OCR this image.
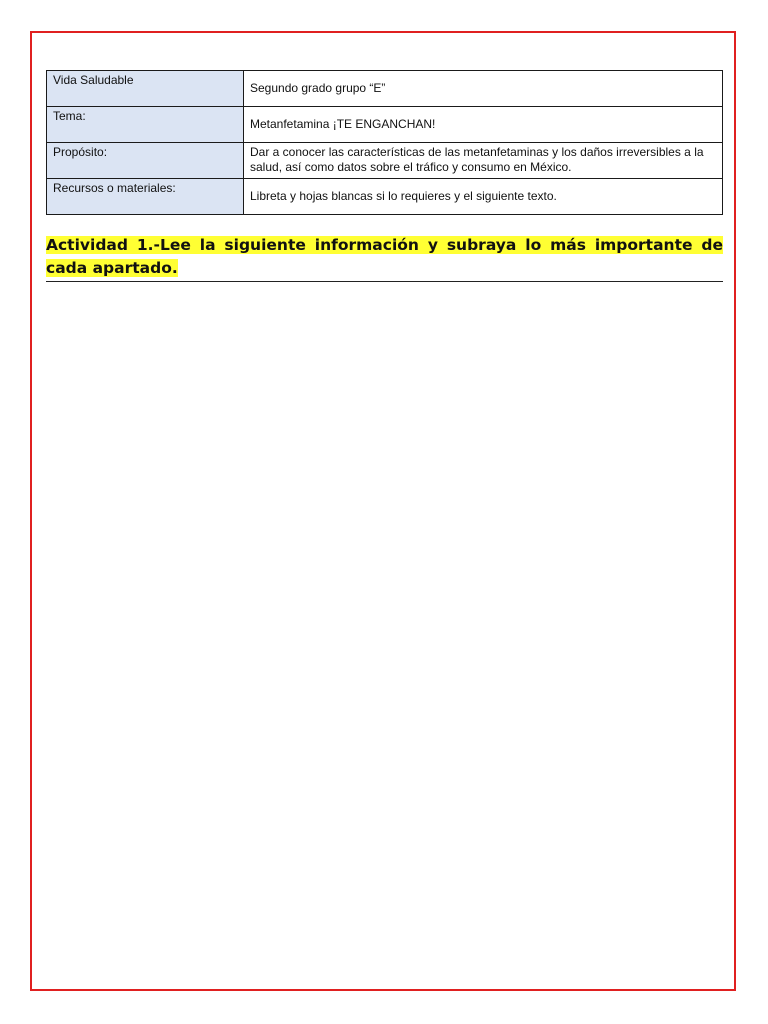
Vida Saludable	Segundo grado grupo “E”
Tema:	Metanfetamina ¡TE ENGANCHAN!
Propósito:	Dar a conocer las características de las metanfetaminas y los daños irreversibles a la salud, así como datos sobre el tráfico y consumo en México.
Recursos o materiales:	Libreta y hojas blancas si lo requieres y el siguiente texto.
Actividad 1.-Lee la siguiente información y subraya lo más importante de cada apartado.
